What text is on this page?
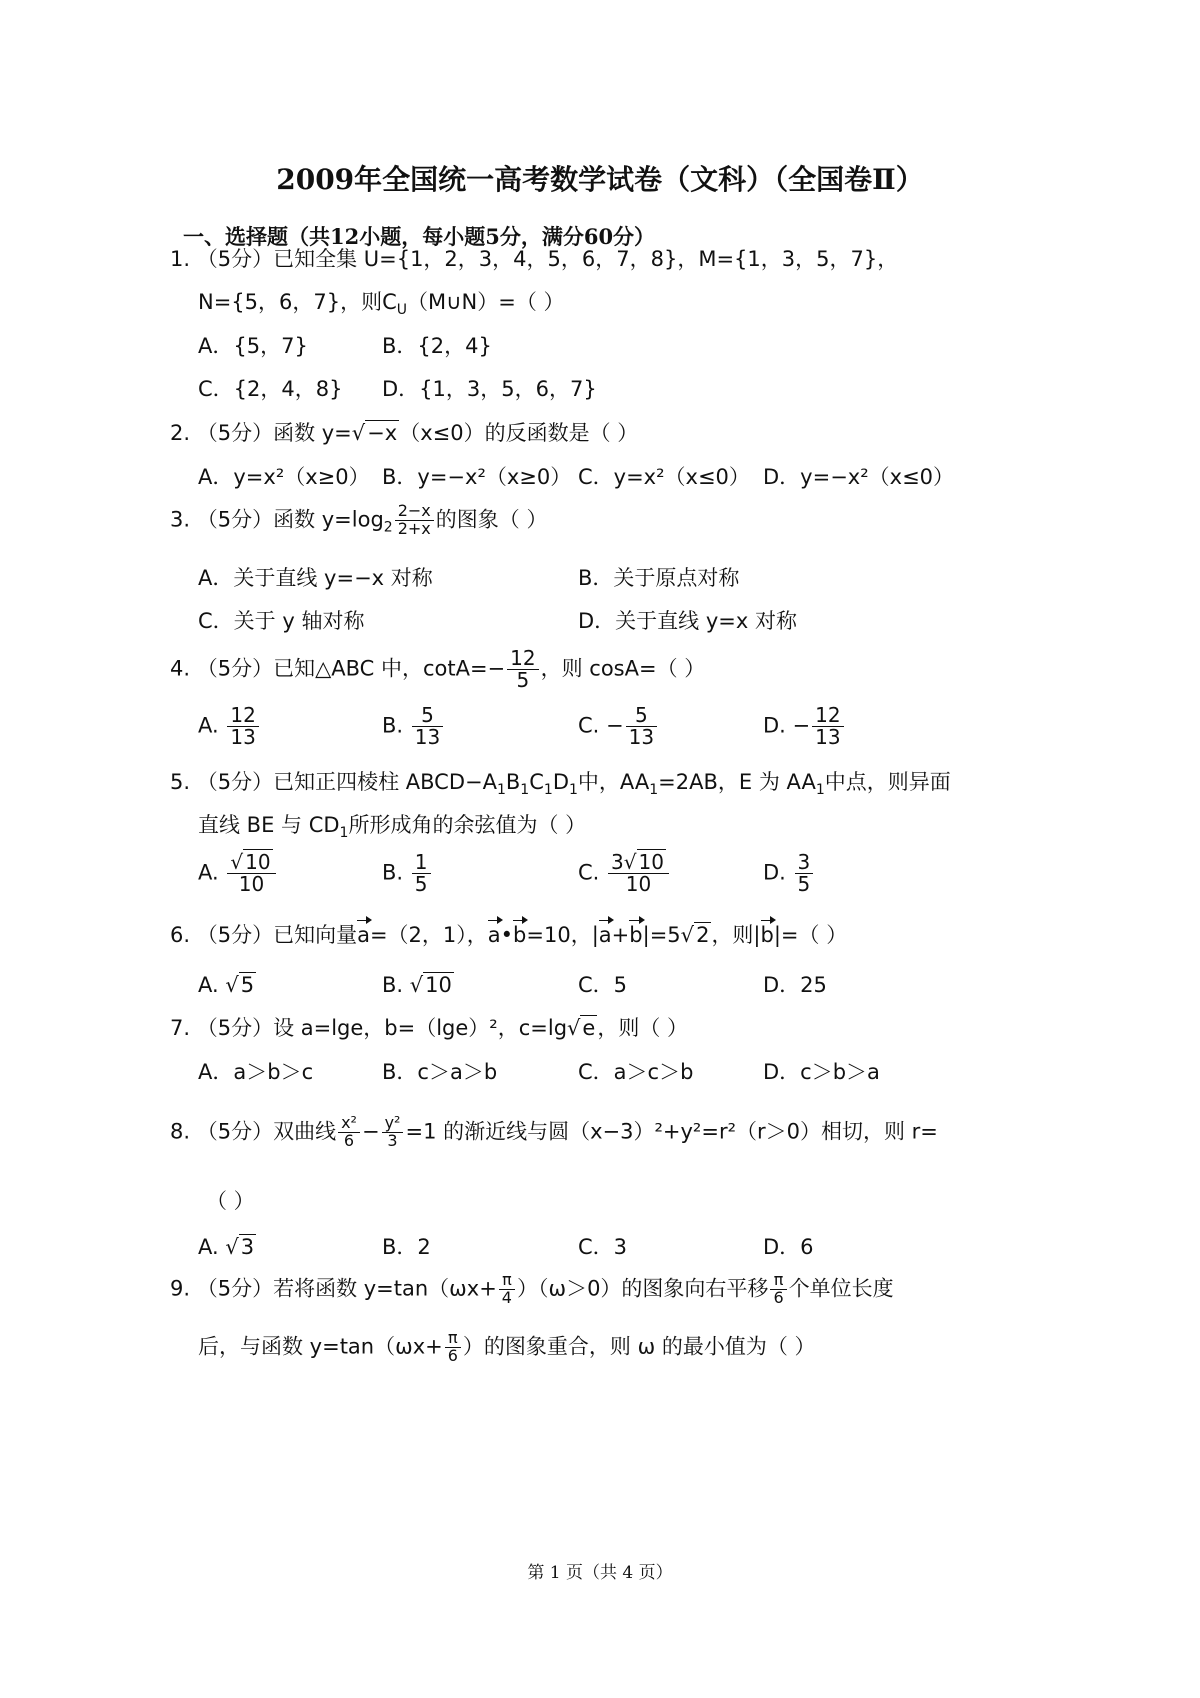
2009年全国统一高考数学试卷（文科）（全国卷Ⅱ）
一、选择题（共12小题，每小题5分，满分60分）
1. （5分）已知全集 U={1，2，3，4，5，6，7，8}，M={1，3，5，7}，
N={5，6，7}，则$C_U(M\cup N)=$（ ）
A．{5，7}	B．{2，4}
C．{2，4，8} D．{1，3，5，6，7}
2. （5分）函数 y=√−x（x≤0）的反函数是（ ）
A．y=x²（x≥0） B．y=−x²（x≥0） C．y=x²（x≤0） D．y=−x²（x≤0）
3. （5分）函数 $y=\log_2 \frac{2-x}{2+x}$ 的图象（ ）
A．关于直线 y=−x 对称	B．关于原点对称
C．关于 y 轴对称	D．关于直线 y=x 对称
4. （5分）已知△ABC 中，$\cot A=- \frac{12}{5}$ ，则 cosA=（ ）
A. $\frac{12}{13}$	B. $\frac{5}{13}$	C. − $\frac{5}{13}$	D. − $\frac{12}{13}$
5. （5分）已知正四棱柱 $ABCD-A_1B_1C_1D_1$中，$AA_1=2AB$，E 为 $AA_1$中点，则异面
直线 BE 与 $CD_1$所形成角的余弦值为（ ）
A. $\frac{√ 10}{10}$	B. $\frac{1}{5}$	C. $\frac{3√ 10}{10}$	D. $\frac{3}{5}$
6. （5分）已知向量a=（2，1），a•b=10，|a+b|=5√2，则|b|=（ ）
A. √5	B. √10	C．5	D．25
7. （5分）设 a=lge，b=（lge）²，c=lg√e，则（ ）
A．a＞b＞c	B．c＞a＞b	C．a＞c＞b	D．c＞b＞a
8. （5分）双曲线 $\frac{\text{x²}}{6} - \frac{\text{y²}}{3} =1$ 的渐近线与圆（x−3）²+y²=r²（r＞0）相切，则 r=
（ ）
A. √3	B．2	C．3	D．6
9. （5分）若将函数 $y=\tan(\omega x+ \frac{\pi}{4} )(\omega>0)$的图象向右平移 $\frac{\pi}{6}$ 个单位长度
后，与函数 $y=\tan(\omega x+ \frac{\pi}{6}$ ）的图象重合，则 ω 的最小值为（ ）
第 1 页（共 4 页）
